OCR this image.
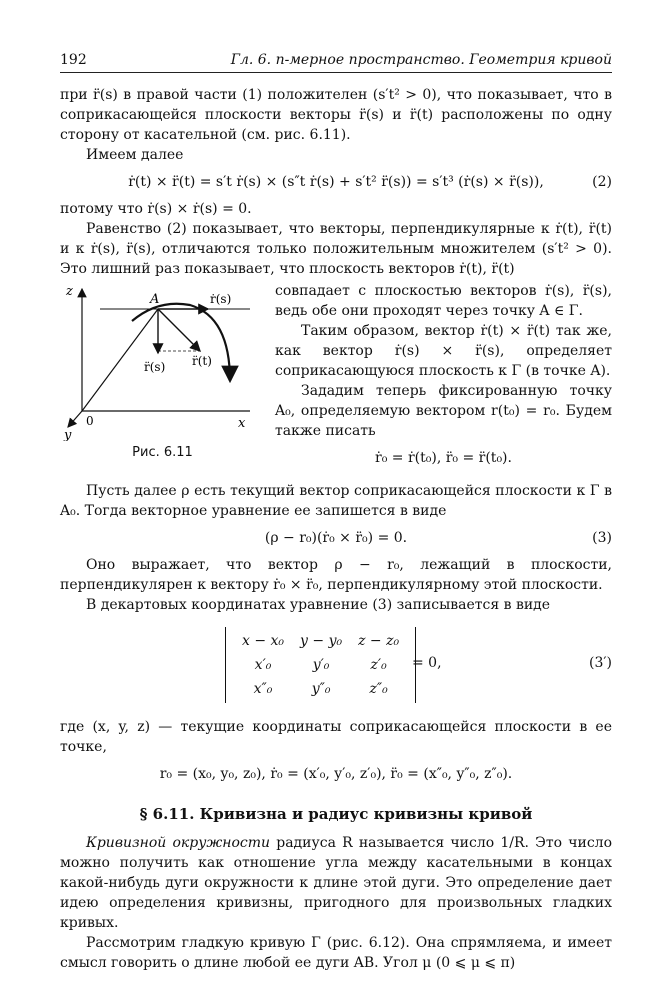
192	Гл. 6. n-мерное пространство. Геометрия кривой

при r̈(s) в правой части (1) положителен (s′t² > 0), что показывает, что в соприкасающейся плоскости векторы r̈(s) и r̈(t) расположены по одну сторону от касательной (см. рис. 6.11).

Имеем далее

ṙ(t) × r̈(t) = s′t ṙ(s) × (s″t ṙ(s) + s′t² r̈(s)) = s′t³ (ṙ(s) × r̈(s)),	(2)

потому что ṙ(s) × ṙ(s) = 0.

Равенство (2) показывает, что векторы, перпендикулярные к ṙ(t), r̈(t) и к ṙ(s), r̈(s), отличаются только положительным множителем (s′t² > 0). Это лишний раз показывает, что плоскость векторов ṙ(t), r̈(t)

z
x
y
0
A	ṙ(s)
r̈(s) r̈(t)
Рис. 6.11

совпадает с плоскостью векторов ṙ(s), r̈(s), ведь обе они проходят через точку A ∈ Γ.

Таким образом, вектор ṙ(t) × r̈(t) так же, как вектор ṙ(s) × r̈(s), определяет соприкасающуюся плоскость к Γ (в точке A).

Зададим теперь фиксированную точку A₀, определяемую вектором r(t₀) = r₀. Будем также писать

ṙ₀ = ṙ(t₀), r̈₀ = r̈(t₀).

Пусть далее ρ есть текущий вектор соприкасающейся плоскости к Γ в A₀. Тогда векторное уравнение ее запишется в виде

(ρ − r₀)(ṙ₀ × r̈₀) = 0.	(3)

Оно выражает, что вектор ρ − r₀, лежащий в плоскости, перпендикулярен к вектору ṙ₀ × r̈₀, перпендикулярному этой плоскости.

В декартовых координатах уравнение (3) записывается в виде

x − x₀	y − y₀	z − z₀
x′₀	y′₀	z′₀
x″₀	y″₀	z″₀
= 0,	(3′)

где (x, y, z) — текущие координаты соприкасающейся плоскости в ее точке,

r₀ = (x₀, y₀, z₀), ṙ₀ = (x′₀, y′₀, z′₀), r̈₀ = (x″₀, y″₀, z″₀).
§ 6.11. Кривизна и радиус кривизны кривой

Кривизной окружности радиуса R называется число 1/R. Это число можно получить как отношение угла между касательными в концах какой-нибудь дуги окружности к длине этой дуги. Это определение дает идею определения кривизны, пригодного для произвольных гладких кривых.

Рассмотрим гладкую кривую Γ (рис. 6.12). Она спрямляема, и имеет смысл говорить о длине любой ее дуги AB. Угол μ (0 ⩽ μ ⩽ π)
